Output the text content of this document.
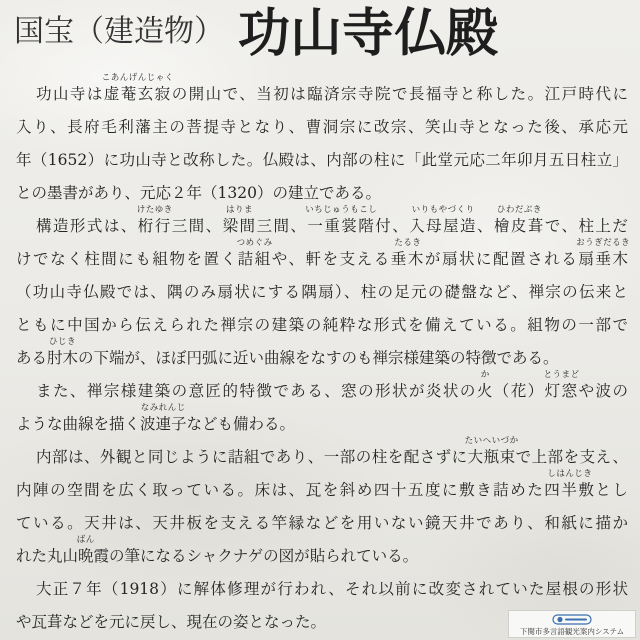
国宝（建造物） 功山寺仏殿
功山寺は虚菴玄寂
こあんげんじゃく
の開山で、当初は臨済宗寺院で長福寺と称した。江戸時代に
入り、長府毛利藩主の菩提寺となり、曹洞宗に改宗、笑山寺となった後、承応元
年（1652）に功山寺と改称した。仏殿は、内部の柱に「此堂元応二年卯月五日柱立」
との墨書があり、元応２年（1320）の建立である。
構造形式は、桁行
けたゆき
三間、梁間
はりま
三間、一重裳階
いちじゅうもこし
付、入母屋造
いりもやづくり
、檜皮葺
ひわだぶき
で、柱上だ
けでなく柱間にも組物を置く詰組
つめぐみ
や、軒を支える垂木
たるき
が扇状に配置される扇垂木
おうぎだるき
（功山寺仏殿では、隅のみ扇状にする隅扇）、柱の足元の礎盤など、禅宗の伝来と
ともに中国から伝えられた禅宗の建築の純粋な形式を備えている。組物の一部で
ある肘木
ひじき
の下端が、ほぼ円弧に近い曲線をなすのも禅宗様建築の特徴である。
また、禅宗様建築の意匠的特徴である、窓の形状が炎状の火
か
（花）灯窓
とうまど
や波の
ような曲線を描く波連子
なみれんじ
なども備わる。
内部は、外観と同じように詰組であり、一部の柱を配さずに大瓶束
たいへいづか
で上部を支え、
内陣の空間を広く取っている。床は、瓦を斜め四十五度に敷き詰めた四半敷
しはんじき
とし
ている。天井は、天井板を支える竿縁などを用いない鏡天井であり、和紙に描か
れた丸山晩
ばん
霞の筆になるシャクナゲの図が貼られている。
大正７年（1918）に解体修理が行われ、それ以前に改変されていた屋根の形状
や瓦葺などを元に戻し、現在の姿となった。
下関市多言語観光案内システム
